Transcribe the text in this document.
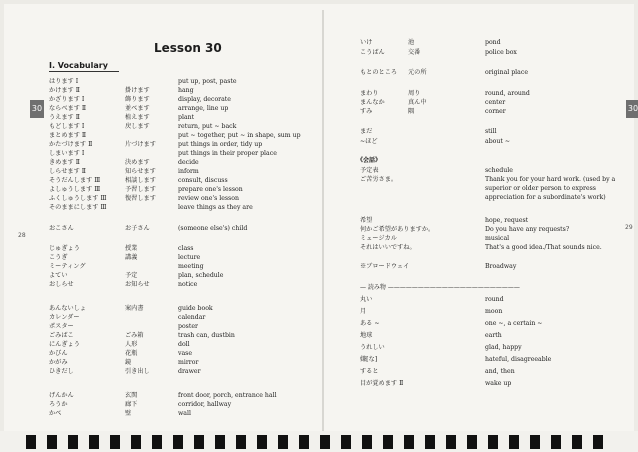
30	30
28
29
Lesson 30
I. Vocabulary
はります Ⅰ	put up, post, paste
かけます Ⅱ	掛けます	hang
かざります Ⅰ	飾ります	display, decorate
ならべます Ⅱ	並べます	arrange, line up
うえます Ⅱ	植えます	plant
もどします Ⅰ	戻します	return, put ~ back
まとめます Ⅱ	put ~ together, put ~ in shape, sum up
かたづけます Ⅱ	片づけます	put things in order, tidy up
しまいます Ⅰ	put things in their proper place
きめます Ⅱ	決めます	decide
しらせます Ⅱ	知らせます	inform
そうだんします Ⅲ	相談します	consult, discuss
よしゅうします Ⅲ	予習します	prepare one's lesson
ふくしゅうします Ⅲ	復習します	review one's lesson
そのままにします Ⅲ	leave things as they are
おこさん	お子さん	(someone else's) child
じゅぎょう	授業	class
こうぎ	講義	lecture
ミーティング	meeting
よてい	予定	plan, schedule
おしらせ	お知らせ	notice
あんないしょ	案内書	guide book
カレンダー	calendar
ポスター	poster
ごみばこ	ごみ箱	trash can, dustbin
にんぎょう	人形	doll
かびん	花瓶	vase
かがみ	鏡	mirror
ひきだし	引き出し	drawer
げんかん	玄関	front door, porch, entrance hall
ろうか	廊下	corridor, hallway
かべ	壁	wall
いけ	池	pond
こうばん	交番	police box
もとのところ	元の所	original place
まわり	周り	round, around
まんなか	真ん中	center
すみ	隅	corner
まだ	still
~ほど	about ~
《会話》
予定表	schedule
ご苦労さま。	Thank you for your hard work. (used by a superior or older person to express appreciation for a subordinate's work)
希望	hope, request
何かご希望がありますか。	Do you have any requests?
ミュージカル	musical
それはいいですね。	That's a good idea./That sounds nice.
※ブロードウェイ	Broadway
— 読み物 ——————————————————————
丸い	round
月	moon
ある ~	one ~, a certain ~
地球	earth
うれしい	glad, happy
嫌[な]	hateful, disagreeable
すると	and, then
目が覚めます Ⅱ	wake up
